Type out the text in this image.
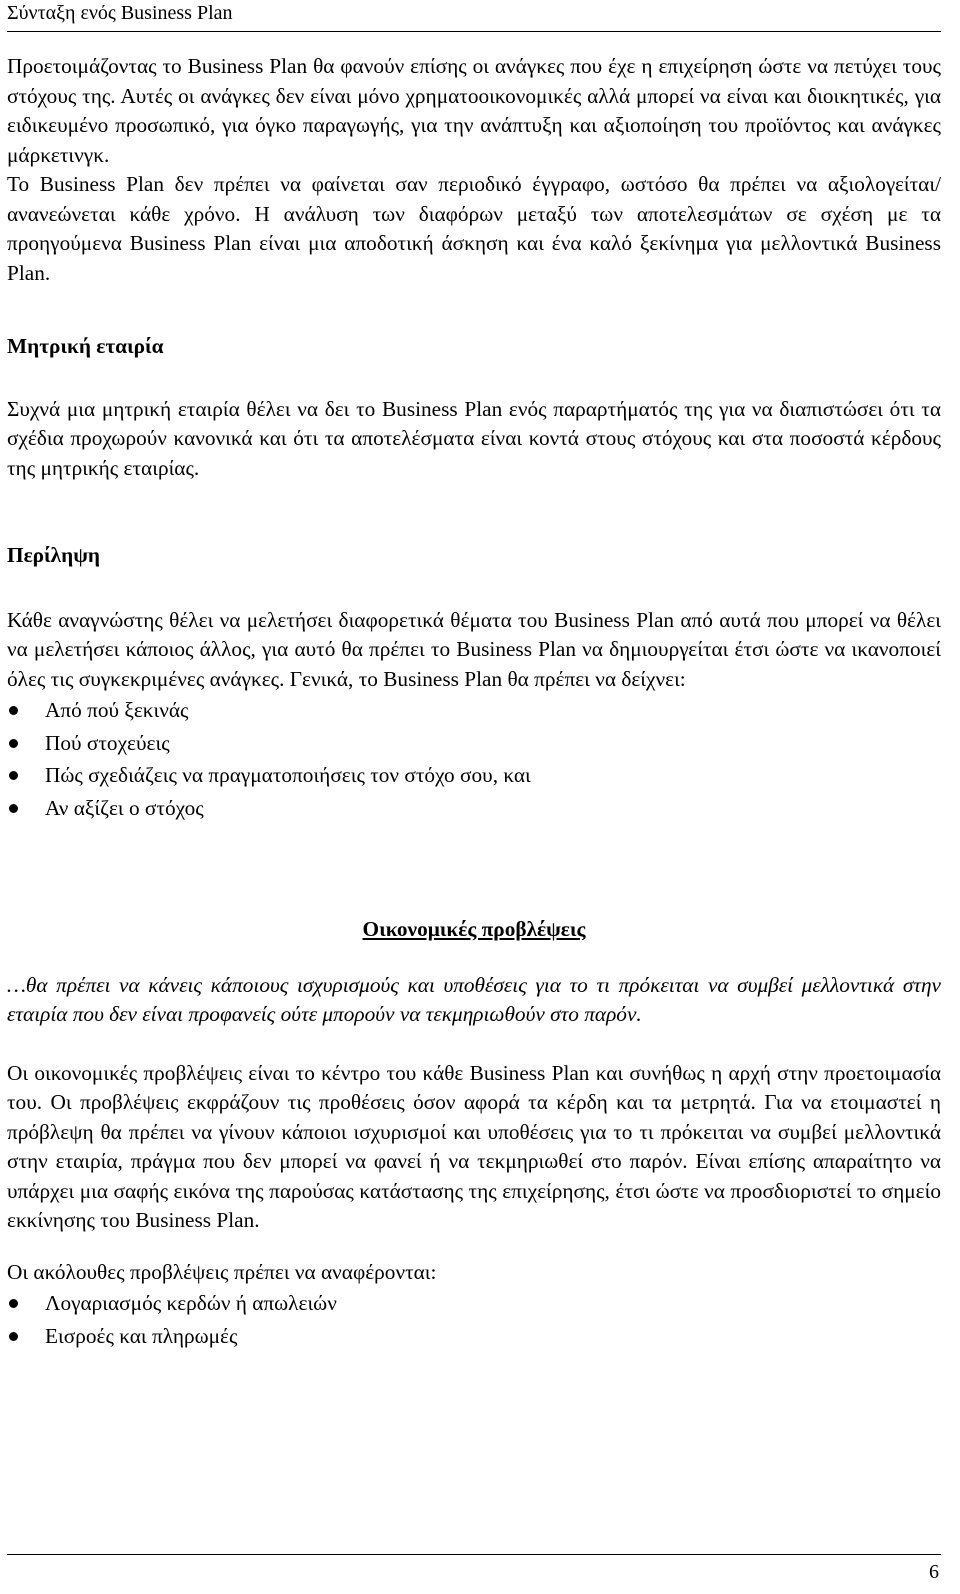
Σύνταξη ενός Business Plan

Προετοιμάζοντας το Business Plan θα φανούν επίσης οι ανάγκες που έχε η επιχείρηση ώστε να πετύχει τους στόχους της. Αυτές οι ανάγκες δεν είναι μόνο χρηματοοικονομικές αλλά μπορεί να είναι και διοικητικές, για ειδικευμένο προσωπικό, για όγκο παραγωγής, για την ανάπτυξη και αξιοποίηση του προϊόντος και ανάγκες μάρκετινγκ.

Το Business Plan δεν πρέπει να φαίνεται σαν περιοδικό έγγραφο, ωστόσο θα πρέπει να αξιολογείται/ανανεώνεται κάθε χρόνο. Η ανάλυση των διαφόρων μεταξύ των αποτελεσμάτων σε σχέση με τα προηγούμενα Business Plan είναι μια αποδοτική άσκηση και ένα καλό ξεκίνημα για μελλοντικά Business Plan.

Μητρική εταιρία

Συχνά μια μητρική εταιρία θέλει να δει το Business Plan ενός παραρτήματός της για να διαπιστώσει ότι τα σχέδια προχωρούν κανονικά και ότι τα αποτελέσματα είναι κοντά στους στόχους και στα ποσοστά κέρδους της μητρικής εταιρίας.

Περίληψη

Κάθε αναγνώστης θέλει να μελετήσει διαφορετικά θέματα του Business Plan από αυτά που μπορεί να θέλει να μελετήσει κάποιος άλλος, για αυτό θα πρέπει το Business Plan να δημιουργείται έτσι ώστε να ικανοποιεί όλες τις συγκεκριμένες ανάγκες. Γενικά, το Business Plan θα πρέπει να δείχνει:

Από πού ξεκινάς
Πού στοχεύεις
Πώς σχεδιάζεις να πραγματοποιήσεις τον στόχο σου, και
Αν αξίζει ο στόχος
Οικονομικές προβλέψεις

…θα πρέπει να κάνεις κάποιους ισχυρισμούς και υποθέσεις για το τι πρόκειται να συμβεί μελλοντικά στην εταιρία που δεν είναι προφανείς ούτε μπορούν να τεκμηριωθούν στο παρόν.

Οι οικονομικές προβλέψεις είναι το κέντρο του κάθε Business Plan και συνήθως η αρχή στην προετοιμασία του. Οι προβλέψεις εκφράζουν τις προθέσεις όσον αφορά τα κέρδη και τα μετρητά. Για να ετοιμαστεί η πρόβλεψη θα πρέπει να γίνουν κάποιοι ισχυρισμοί και υποθέσεις για το τι πρόκειται να συμβεί μελλοντικά στην εταιρία, πράγμα που δεν μπορεί να φανεί ή να τεκμηριωθεί στο παρόν. Είναι επίσης απαραίτητο να υπάρχει μια σαφής εικόνα της παρούσας κατάστασης της επιχείρησης, έτσι ώστε να προσδιοριστεί το σημείο εκκίνησης του Business Plan.

Οι ακόλουθες προβλέψεις πρέπει να αναφέρονται:

Λογαριασμός κερδών ή απωλειών
Εισροές και πληρωμές
6
